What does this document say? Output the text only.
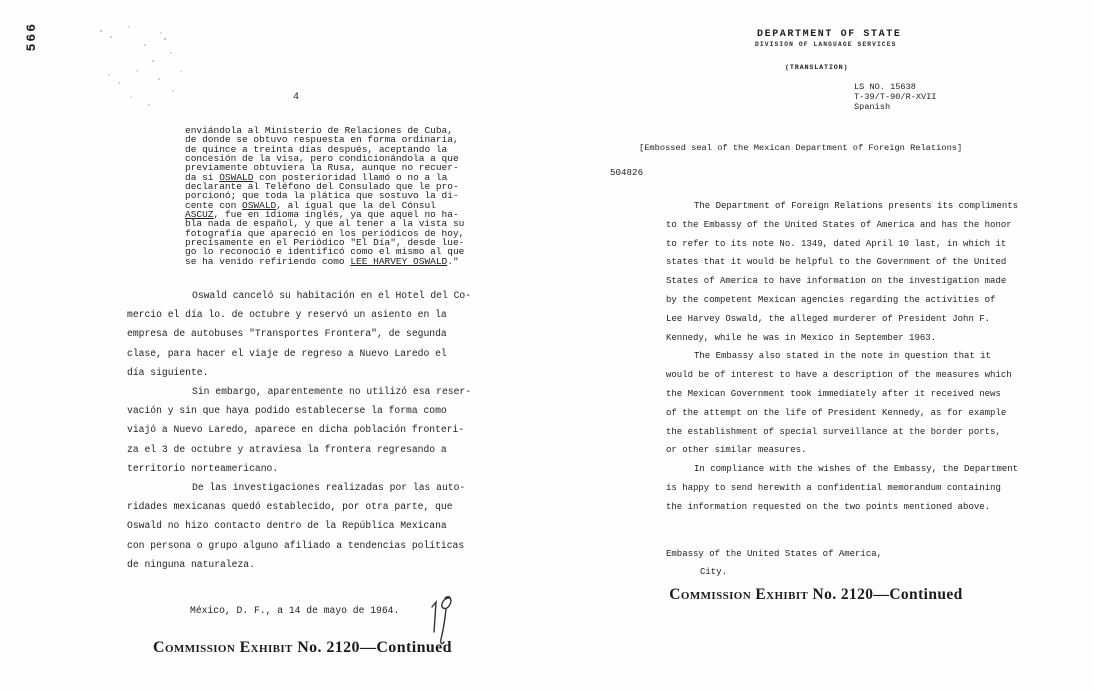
566
4
enviándola al Ministerio de Relaciones de Cuba,
de donde se obtuvo respuesta en forma ordinaria,
de quince a treinta días después, aceptando la
concesión de la visa, pero condicionándola a que
previamente obtuviera la Rusa, aunque no recuer-
da si OSWALD con posterioridad llamó o no a la
declarante al Teléfono del Consulado que le pro-
porcionó; que toda la plática que sostuvo la di-
cente con OSWALD, al igual que la del Cónsul
ASCUZ, fue en idioma inglés, ya que aquel no ha-
bla nada de español, y que al tener a la vista su
fotografía que apareció en los periódicos de hoy,
precisamente en el Periódico "El Día", desde lue-
go lo reconoció e identificó como el mismo al que
se ha venido refiriendo como LEE HARVEY OSWALD."
Oswald canceló su habitación en el Hotel del Co-
mercio el día lo. de octubre y reservó un asiento en la
empresa de autobuses "Transportes Frontera", de segunda
clase, para hacer el viaje de regreso a Nuevo Laredo el
día siguiente.
Sin embargo, aparentemente no utilizó esa reser-
vación y sin que haya podido establecerse la forma como
viajó a Nuevo Laredo, aparece en dicha población fronteri-
za el 3 de octubre y atraviesa la frontera regresando a
territorio norteamericano.
De las investigaciones realizadas por las auto-
ridades mexicanas quedó establecido, por otra parte, que
Oswald no hizo contacto dentro de la República Mexicana
con persona o grupo alguno afiliado a tendencias políticas
de ninguna naturaleza.
México, D. F., a 14 de mayo de 1964.
Commission Exhibit No. 2120—Continued
DEPARTMENT OF STATE
DIVISION OF LANGUAGE SERVICES
(TRANSLATION)
LS NO. 15638
T-39/T-90/R-XVII
Spanish
[Embossed seal of the Mexican Department of Foreign Relations]
504826
The Department of Foreign Relations presents its compliments
to the Embassy of the United States of America and has the honor
to refer to its note No. 1349, dated April 10 last, in which it
states that it would be helpful to the Government of the United
States of America to have information on the investigation made
by the competent Mexican agencies regarding the activities of
Lee Harvey Oswald, the alleged murderer of President John F.
Kennedy, while he was in Mexico in September 1963.
The Embassy also stated in the note in question that it
would be of interest to have a description of the measures which
the Mexican Government took immediately after it received news
of the attempt on the life of President Kennedy, as for example
the establishment of special surveillance at the border ports,
or other similar measures.
In compliance with the wishes of the Embassy, the Department
is happy to send herewith a confidential memorandum containing
the information requested on the two points mentioned above.
Embassy of the United States of America,
City.
Commission Exhibit No. 2120—Continued
